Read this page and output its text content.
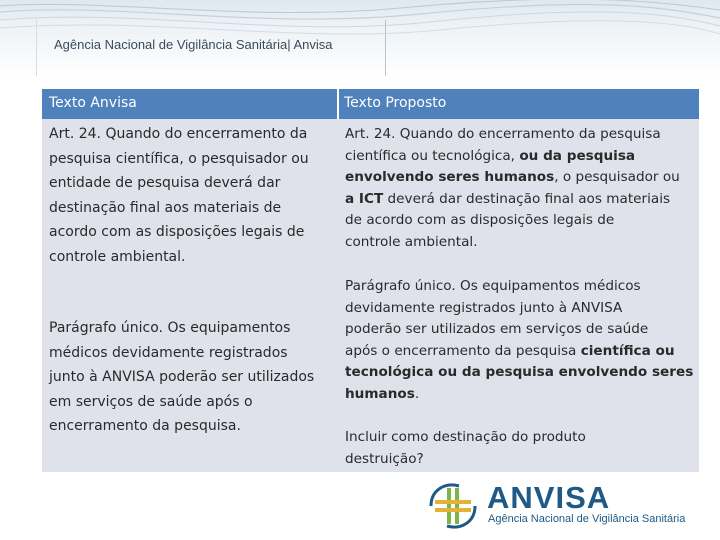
Agência Nacional de Vigilância Sanitária| Anvisa
Texto Anvisa	Texto Proposto
Art. 24. Quando do encerramento da
pesquisa científica, o pesquisador ou
entidade de pesquisa deverá dar
destinação final aos materiais de
acordo com as disposições legais de
controle ambiental.
Parágrafo único. Os equipamentos
médicos devidamente registrados
junto à ANVISA poderão ser utilizados
em serviços de saúde após o
encerramento da pesquisa.
Art. 24. Quando do encerramento da pesquisa
científica ou tecnológica, ou da pesquisa
envolvendo seres humanos, o pesquisador ou
a ICT deverá dar destinação final aos materiais
de acordo com as disposições legais de
controle ambiental.
Parágrafo único. Os equipamentos médicos
devidamente registrados junto à ANVISA
poderão ser utilizados em serviços de saúde
após o encerramento da pesquisa científica ou
tecnológica ou da pesquisa envolvendo seres
humanos.
Incluir como destinação do produto
destruição?
ANVISA
Agência Nacional de Vigilância Sanitária
